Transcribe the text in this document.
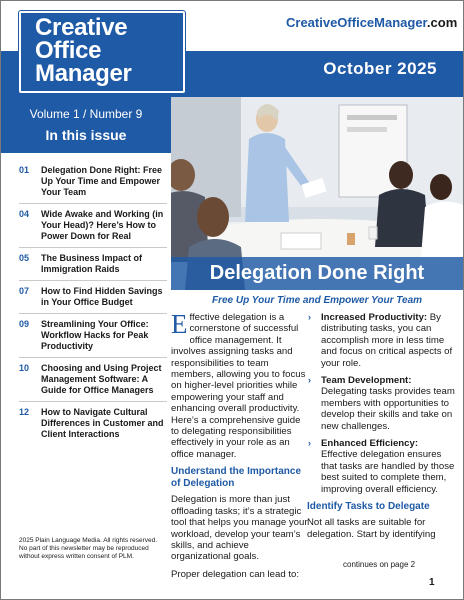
Creative
Office
Manager
CreativeOfficeManager.com
October 2025
Volume 1 / Number 9
In this issue
01 Delegation Done Right: Free Up Your Time and Empower Your Team
04 Wide Awake and Working (in Your Head)? Here’s How to Power Down for Real
05 The Business Impact of Immigration Raids
07 How to Find Hidden Savings in Your Office Budget
09 Streamlining Your Office: Workflow Hacks for Peak Productivity
10 Choosing and Using Project Management Software: A Guide for Office Managers
12 How to Navigate Cultural Differences in Customer and Client Interactions
2025 Plain Language Media. All rights reserved. No part of this newsletter may be reproduced without express written consent of PLM.
Delegation Done Right
Free Up Your Time and Empower Your Team
Effective delegation is a cornerstone of successful office management. It involves assigning tasks and responsibilities to team members, allowing you to focus on higher-level priorities while empowering your staff and enhancing overall productivity. Here’s a comprehensive guide to delegating responsibilities effectively in your role as an office manager.
Understand the Importance of Delegation
Delegation is more than just offloading tasks; it’s a strategic tool that helps you manage your workload, develop your team’s skills, and achieve organizational goals.
Proper delegation can lead to:
› Increased Productivity: By distributing tasks, you can accomplish more in less time and focus on critical aspects of your role.
› Team Development: Delegating tasks provides team members with opportunities to develop their skills and take on new challenges.
› Enhanced Efficiency: Effective delegation ensures that tasks are handled by those best suited to complete them, improving overall efficiency.
Identify Tasks to Delegate
Not all tasks are suitable for delegation. Start by identifying
continues on page 2
1
